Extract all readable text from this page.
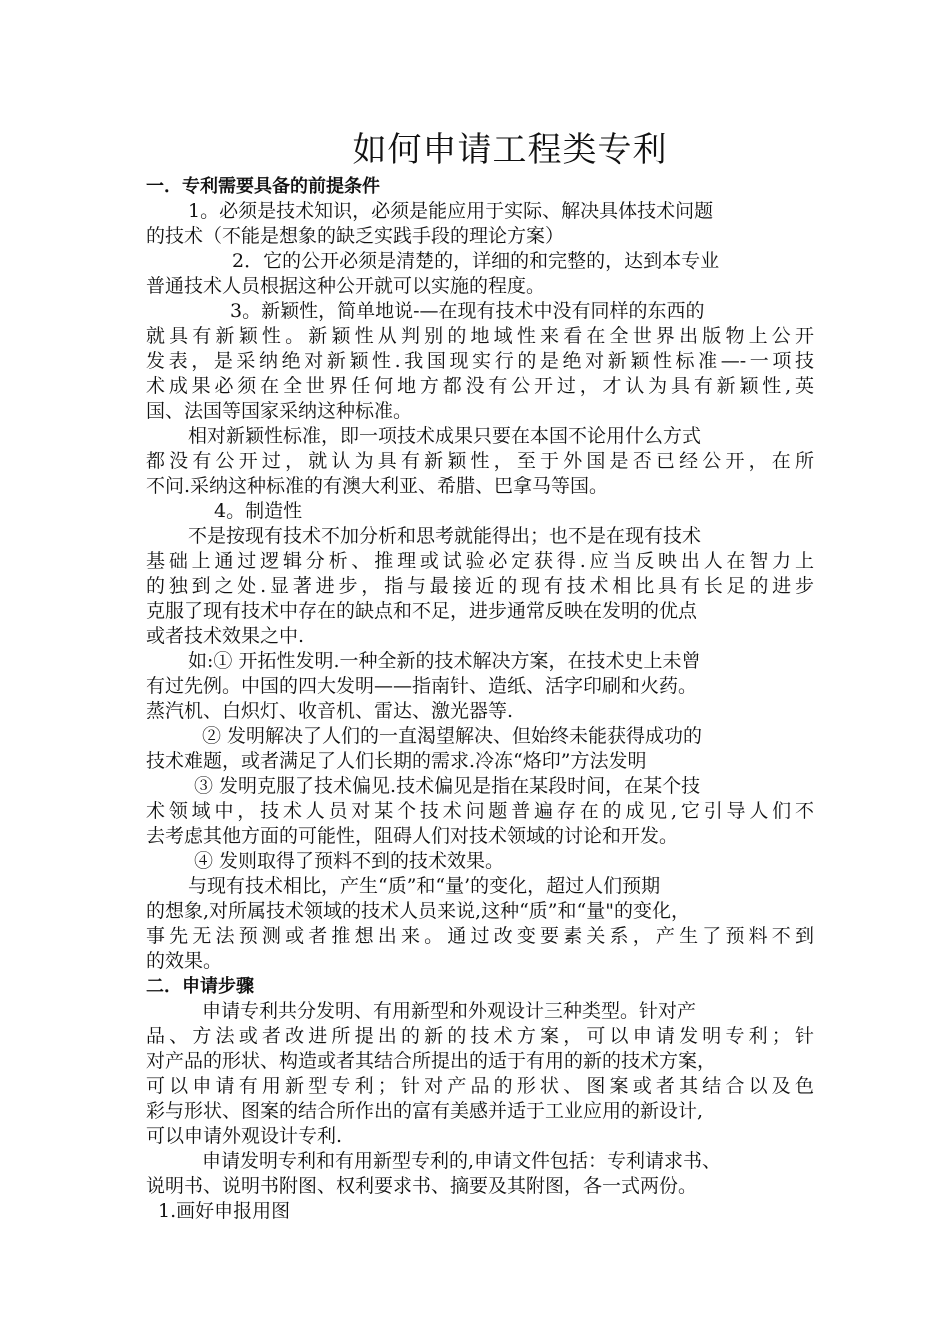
如何申请工程类专利
一．专利需要具备的前提条件
1。必须是技术知识，必须是能应用于实际、解决具体技术问题
的技术（不能是想象的缺乏实践手段的理论方案）
2．它的公开必须是清楚的，详细的和完整的，达到本专业
普通技术人员根据这种公开就可以实施的程度。
3。新颖性，简单地说-—在现有技术中没有同样的东西的
就具有新颖性。新颖性从判别的地域性来看在全世界出版物上公开
发表，是采纳绝对新颖性.我国现实行的是绝对新颖性标准—-一项技
术成果必须在全世界任何地方都没有公开过，才认为具有新颖性,英
国、法国等国家采纳这种标准。
相对新颖性标准，即一项技术成果只要在本国不论用什么方式
都没有公开过，就认为具有新颖性，至于外国是否已经公开，在所
不问.采纳这种标准的有澳大利亚、希腊、巴拿马等国。
4。制造性
不是按现有技术不加分析和思考就能得出；也不是在现有技术
基础上通过逻辑分析、推理或试验必定获得.应当反映出人在智力上
的独到之处.显著进步，指与最接近的现有技术相比具有长足的进步
克服了现有技术中存在的缺点和不足，进步通常反映在发明的优点
或者技术效果之中.
如:① 开拓性发明.一种全新的技术解决方案，在技术史上未曾
有过先例。中国的四大发明——指南针、造纸、活字印刷和火药。
蒸汽机、白炽灯、收音机、雷达、激光器等.
② 发明解决了人们的一直渴望解决、但始终未能获得成功的
技术难题，或者满足了人们长期的需求.冷冻“烙印”方法发明
③ 发明克服了技术偏见.技术偏见是指在某段时间，在某个技
术领域中，技术人员对某个技术问题普遍存在的成见,它引导人们不
去考虑其他方面的可能性，阻碍人们对技术领域的讨论和开发。
④ 发则取得了预料不到的技术效果。
与现有技术相比，产生“质”和“量’的变化，超过人们预期
的想象,对所属技术领域的技术人员来说,这种“质”和“量"的变化，
事先无法预测或者推想出来。通过改变要素关系，产生了预料不到
的效果。
二．申请步骤
申请专利共分发明、有用新型和外观设计三种类型。针对产
品、方法或者改进所提出的新的技术方案，可以申请发明专利；针
对产品的形状、构造或者其结合所提出的适于有用的新的技术方案，
可以申请有用新型专利；针对产品的形状、图案或者其结合以及色
彩与形状、图案的结合所作出的富有美感并适于工业应用的新设计,
可以申请外观设计专利.
申请发明专利和有用新型专利的,申请文件包括：专利请求书、
说明书、说明书附图、权利要求书、摘要及其附图，各一式两份。
1.画好申报用图
